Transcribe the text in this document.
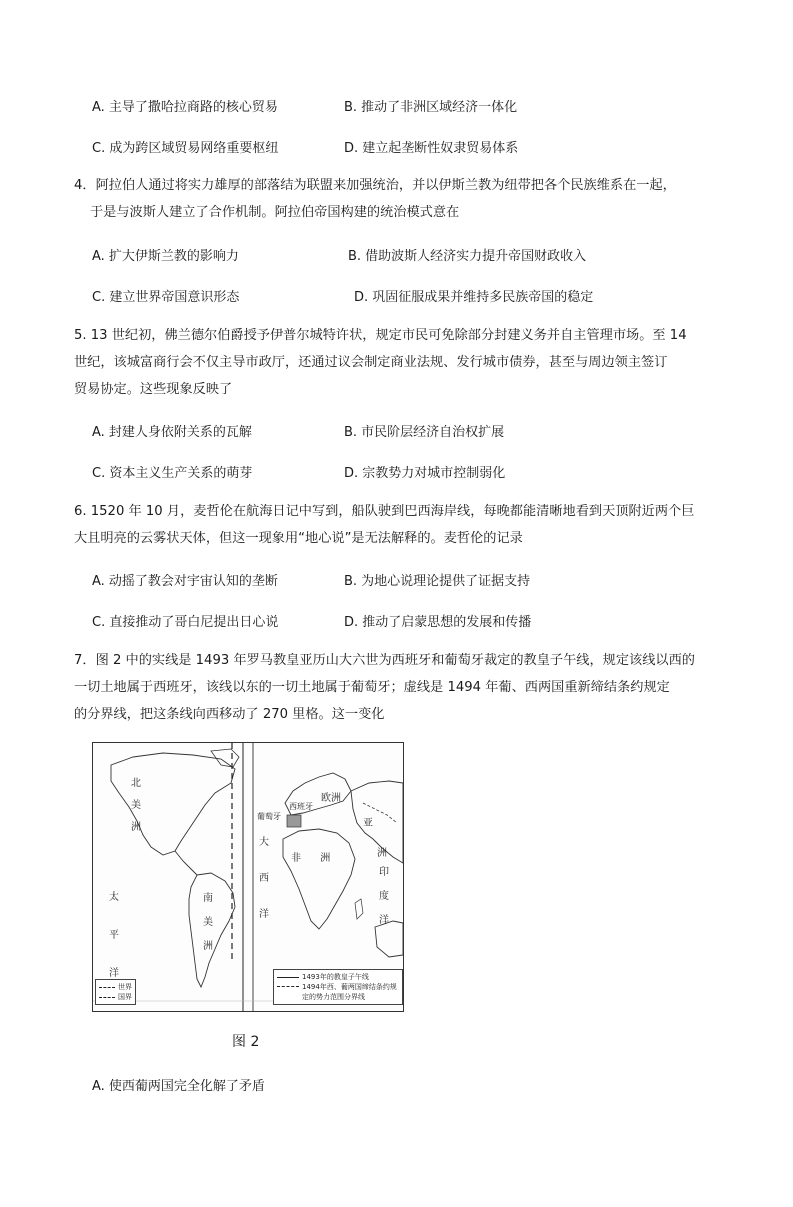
A. 主导了撒哈拉商路的核心贸易	B. 推动了非洲区域经济一体化
C. 成为跨区域贸易网络重要枢纽	D. 建立起垄断性奴隶贸易体系

4．阿拉伯人通过将实力雄厚的部落结为联盟来加强统治，并以伊斯兰教为纽带把各个民族维系在一起，

于是与波斯人建立了合作机制。阿拉伯帝国构建的统治模式意在

A. 扩大伊斯兰教的影响力	B. 借助波斯人经济实力提升帝国财政收入
C. 建立世界帝国意识形态	D. 巩固征服成果并维持多民族帝国的稳定

5. 13 世纪初，佛兰德尔伯爵授予伊普尔城特许状，规定市民可免除部分封建义务并自主管理市场。至 14

世纪，该城富商行会不仅主导市政厅，还通过议会制定商业法规、发行城市债券，甚至与周边领主签订

贸易协定。这些现象反映了

A. 封建人身依附关系的瓦解	B. 市民阶层经济自治权扩展
C. 资本主义生产关系的萌芽	D. 宗教势力对城市控制弱化

6. 1520 年 10 月，麦哲伦在航海日记中写到，船队驶到巴西海岸线，每晚都能清晰地看到天顶附近两个巨

大且明亮的云雾状天体，但这一现象用“地心说”是无法解释的。麦哲伦的记录

A. 动摇了教会对宇宙认知的垄断	B. 为地心说理论提供了证据支持
C. 直接推动了哥白尼提出日心说	D. 推动了启蒙思想的发展和传播

7．图 2 中的实线是 1493 年罗马教皇亚历山大六世为西班牙和葡萄牙裁定的教皇子午线，规定该线以西的

一切土地属于西班牙，该线以东的一切土地属于葡萄牙；虚线是 1494 年葡、西两国重新缔结条约规定

的分界线，把这条线向西移动了 270 里格。这一变化

北
美
洲
南
美
洲
太
平
洋
大
西
洋
欧洲
亚
洲
非 洲
印
度
洋
葡萄牙
西班牙
世界
国界
1493年的教皇子午线
1494年西、葡两国缔结条约规定的势力范围分界线
图 2
A. 使西葡两国完全化解了矛盾
